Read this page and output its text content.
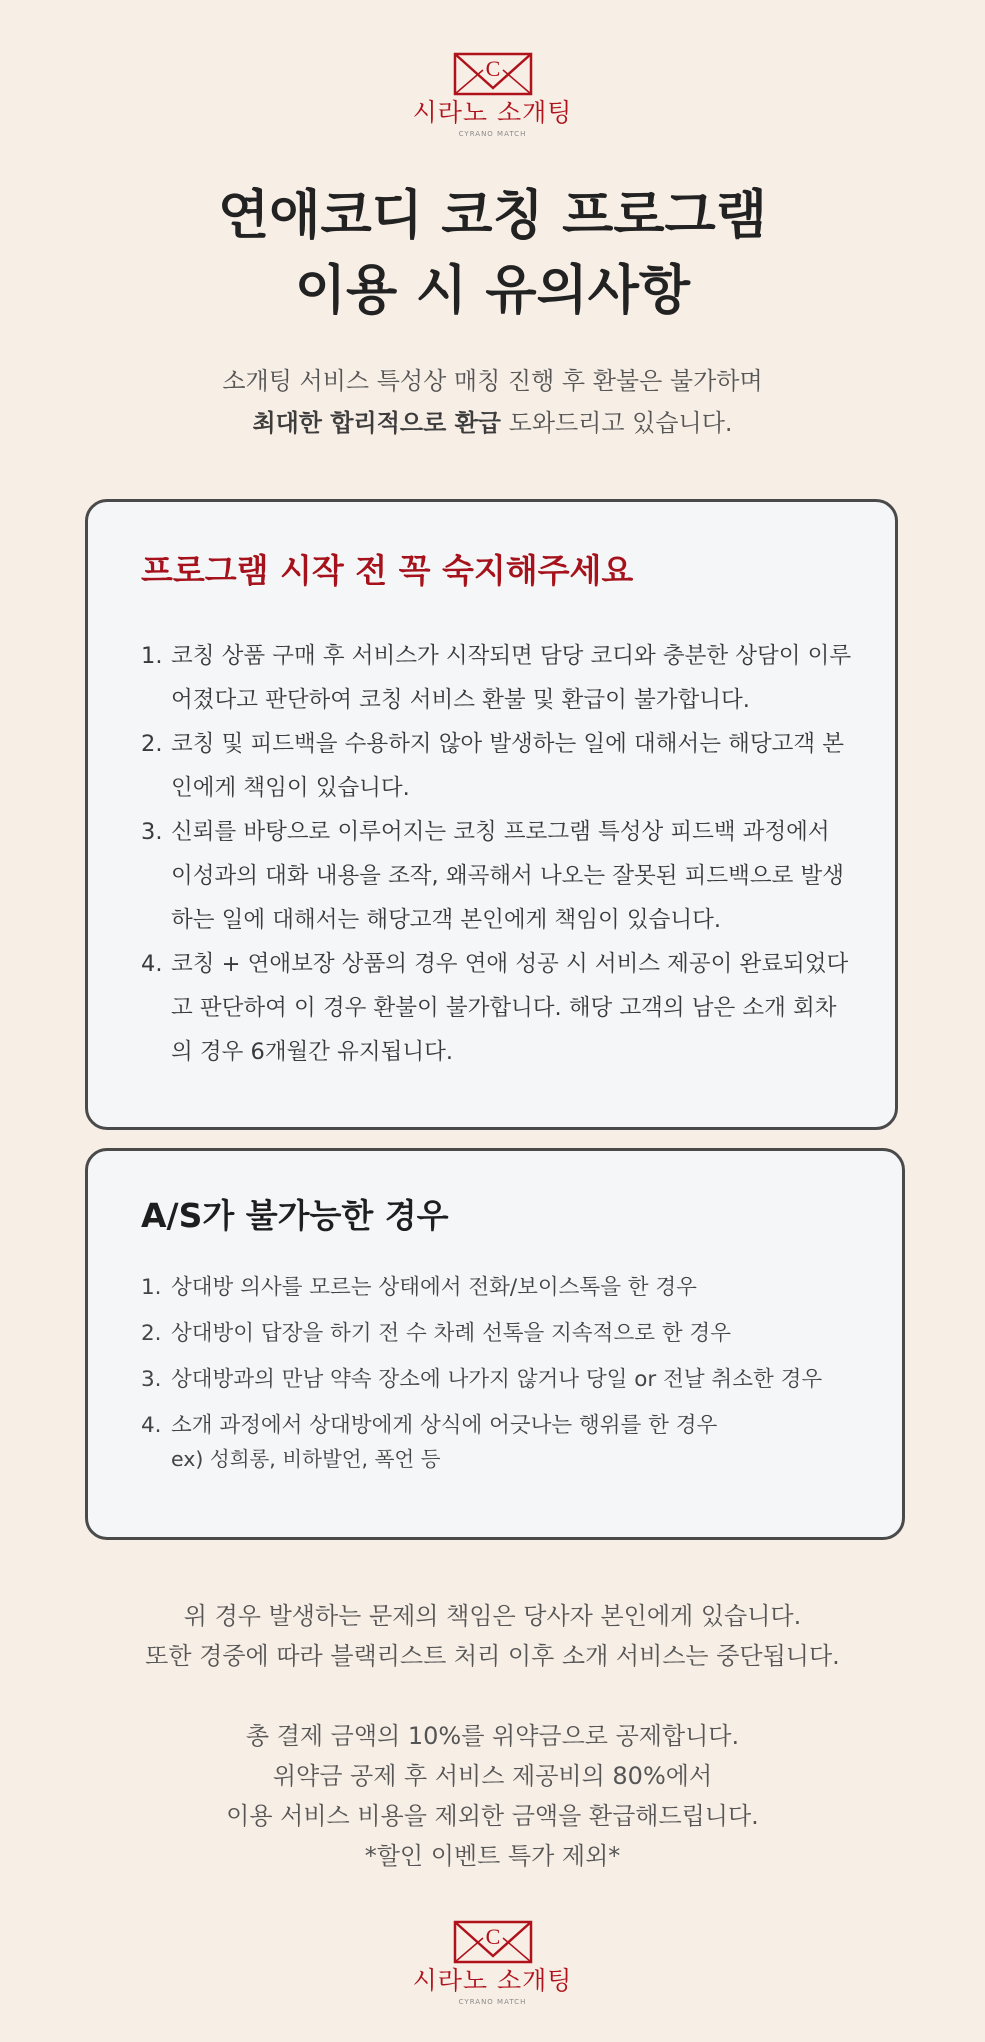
C
시라노 소개팅
CYRANO MATCH
연애코디 코칭 프로그램
이용 시 유의사항
소개팅 서비스 특성상 매칭 진행 후 환불은 불가하며
최대한 합리적으로 환급 도와드리고 있습니다.
프로그램 시작 전 꼭 숙지해주세요
1. 코칭 상품 구매 후 서비스가 시작되면 담당 코디와 충분한 상담이 이루어졌다고 판단하여 코칭 서비스 환불 및 환급이 불가합니다.
2. 코칭 및 피드백을 수용하지 않아 발생하는 일에 대해서는 해당고객 본인에게 책임이 있습니다.
3. 신뢰를 바탕으로 이루어지는 코칭 프로그램 특성상 피드백 과정에서 이성과의 대화 내용을 조작, 왜곡해서 나오는 잘못된 피드백으로 발생하는 일에 대해서는 해당고객 본인에게 책임이 있습니다.
4. 코칭 + 연애보장 상품의 경우 연애 성공 시 서비스 제공이 완료되었다고 판단하여 이 경우 환불이 불가합니다. 해당 고객의 남은 소개 회차의 경우 6개월간 유지됩니다.
A/S가 불가능한 경우
1. 상대방 의사를 모르는 상태에서 전화/보이스톡을 한 경우
2. 상대방이 답장을 하기 전 수 차례 선톡을 지속적으로 한 경우
3. 상대방과의 만남 약속 장소에 나가지 않거나 당일 or 전날 취소한 경우
4. 소개 과정에서 상대방에게 상식에 어긋나는 행위를 한 경우
ex) 성희롱, 비하발언, 폭언 등
위 경우 발생하는 문제의 책임은 당사자 본인에게 있습니다.
또한 경중에 따라 블랙리스트 처리 이후 소개 서비스는 중단됩니다.
총 결제 금액의 10%를 위약금으로 공제합니다.
위약금 공제 후 서비스 제공비의 80%에서
이용 서비스 비용을 제외한 금액을 환급해드립니다.
*할인 이벤트 특가 제외*
C
시라노 소개팅
CYRANO MATCH
